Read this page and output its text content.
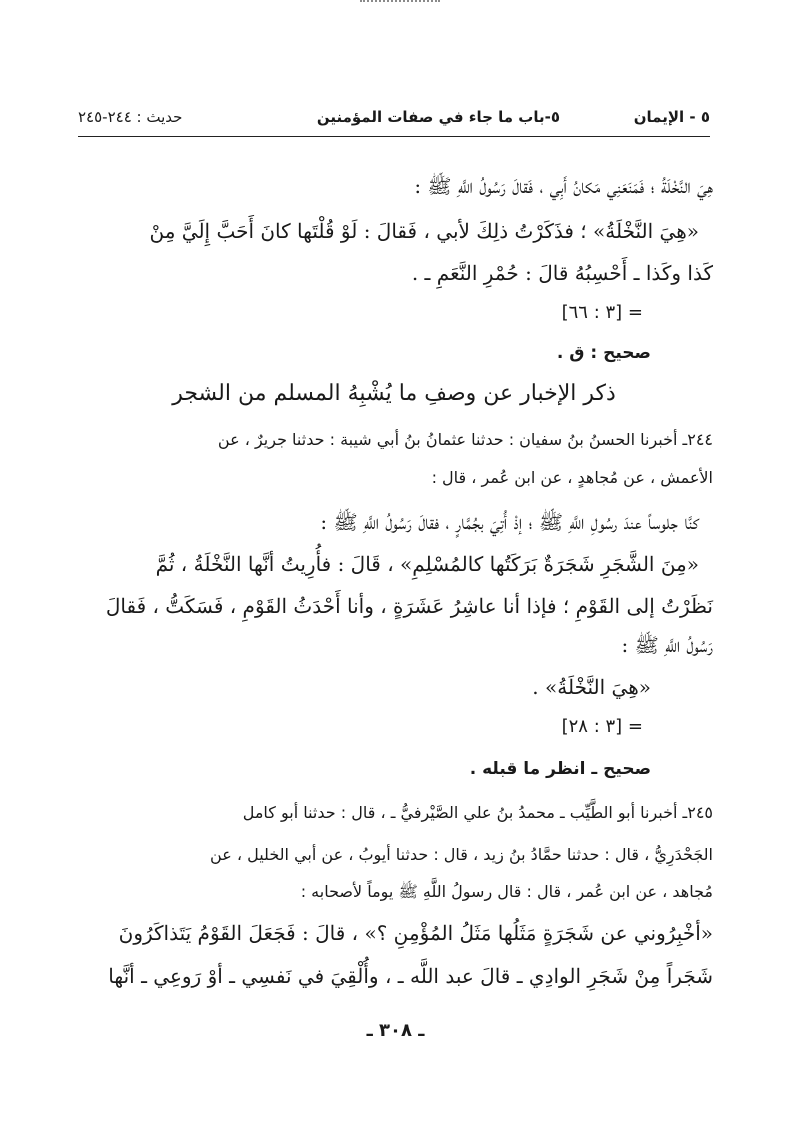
٥ - الإيمان
٥-باب ما جاء في صفات المؤمنين
حديث : ٢٤٤-٢٤٥
هِيَ النَّخْلَةُ ؛ فَمَنَعَنِي مَكانُ أَبِي ، فَقالَ رَسُولُ اللَّهِ ﷺ :
«هِيَ النَّخْلَةُ» ؛ فذَكَرْتُ ذلِكَ لأبي ، فَقالَ : لَوْ قُلْتَها كانَ أَحَبَّ إِلَيَّ مِنْ
كَذا وكَذا ـ أَحْسِبُهُ قالَ : حُمْرِ النَّعَمِ ـ .
= [٣ : ٦٦]
صحيح : ق .
ذكر الإخبار عن وصفِ ما يُشْبِهُ المسلم من الشجر
٢٤٤ـ أخبرنا الحسنُ بنُ سفيان : حدثنا عثمانُ بنُ أبي شيبة : حدثنا جريرٌ ، عن
الأعمش ، عن مُجاهدٍ ، عن ابن عُمر ، قال :
كنَّا جلوساً عندَ رسُولِ اللَّهِ ﷺ ؛ إذْ أُتِيَ بجُمَّارٍ ، فقالَ رَسُولُ اللَّهِ ﷺ :
«مِنَ الشَّجَرِ شَجَرَةٌ بَرَكَتُها كالمُسْلِمِ» ، قَالَ : فأُرِيتُ أنَّها النَّخْلَةُ ، ثُمَّ
نَظَرْتُ إلى القَوْمِ ؛ فإذا أنا عاشِرُ عَشَرَةٍ ، وأنا أَحْدَثُ القَوْمِ ، فَسَكَتُّ ، فَقالَ
رَسُولُ اللَّهِ ﷺ :
«هِيَ النَّخْلَةُ» .
= [٣ : ٢٨]
صحيح ـ انظر ما قبله .
٢٤٥ـ أخبرنا أبو الطَّيِّب ـ محمدُ بنُ علي الصَّيْرفيُّ ـ ، قال : حدثنا أبو كامل
الجَحْدَرِيُّ ، قال : حدثنا حمَّادُ بنُ زيد ، قال : حدثنا أيوبُ ، عن أبي الخليل ، عن
مُجاهد ، عن ابن عُمر ، قال : قال رسولُ اللَّهِ ﷺ يوماً لأصحابه :
«أخْبِرُوني عن شَجَرَةٍ مَثَلُها مَثَلُ المُؤْمِنِ ؟» ، قالَ : فَجَعَلَ القَوْمُ يَتَذاكَرُونَ
شَجَراً مِنْ شَجَرِ الوادِي ـ قالَ عبد اللَّه ـ ، وأُلْقِيَ في نَفسِي ـ أوْ رَوعِي ـ أنَّها
ـ ٣٠٨ ـ
